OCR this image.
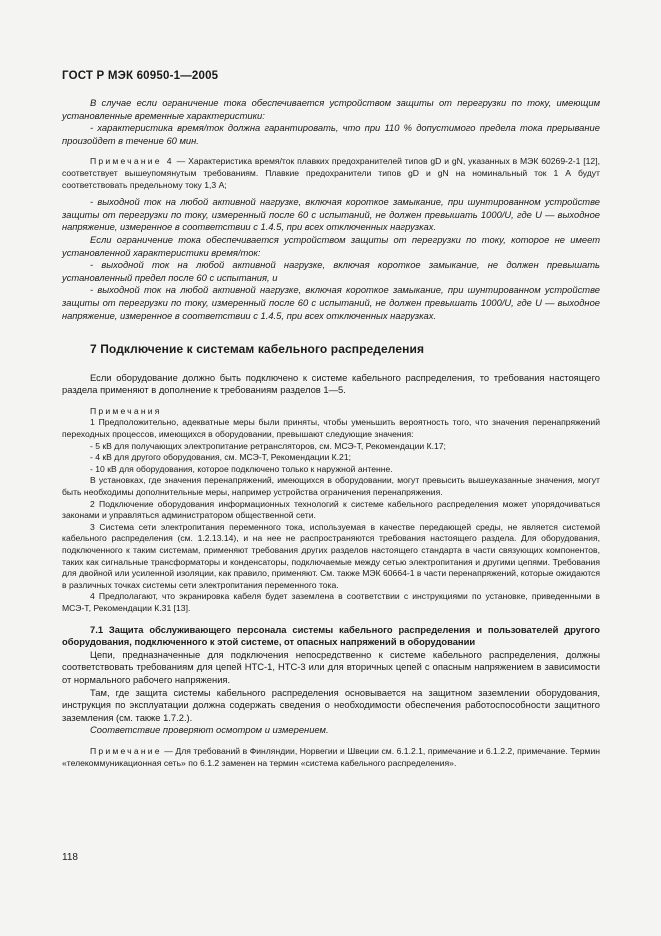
ГОСТ Р МЭК 60950-1—2005

В случае если ограничение тока обеспечивается устройством защиты от перегрузки по току, имеющим установленные временные характеристики:

- характеристика время/ток должна гарантировать, что при 110 % допустимого предела тока прерывание произойдет в течение 60 мин.

Примечание 4 — Характеристика время/ток плавких предохранителей типов gD и gN, указанных в МЭК 60269-2-1 [12], соответствует вышеупомянутым требованиям. Плавкие предохранители типов gD и gN на номинальный ток 1 А будут соответствовать предельному току 1,3 А;

- выходной ток на любой активной нагрузке, включая короткое замыкание, при шунтированном устройстве защиты от перегрузки по току, измеренный после 60 с испытаний, не должен превышать 1000/U, где U — выходное напряжение, измеренное в соответствии с 1.4.5, при всех отключенных нагрузках.

Если ограничение тока обеспечивается устройством защиты от перегрузки по току, которое не имеет установленной характеристики время/ток:

- выходной ток на любой активной нагрузке, включая короткое замыкание, не должен превышать установленный предел после 60 с испытания, и

- выходной ток на любой активной нагрузке, включая короткое замыкание, при шунтированном устройстве защиты от перегрузки по току, измеренный после 60 с испытаний, не должен превышать 1000/U, где U — выходное напряжение, измеренное в соответствии с 1.4.5, при всех отключенных нагрузках.

7 Подключение к системам кабельного распределения

Если оборудование должно быть подключено к системе кабельного распределения, то требования настоящего раздела применяют в дополнение к требованиям разделов 1—5.

Примечания

1 Предположительно, адекватные меры были приняты, чтобы уменьшить вероятность того, что значения перенапряжений переходных процессов, имеющихся в оборудовании, превышают следующие значения:

- 5 кВ для получающих электропитание ретрансляторов, см. МСЭ-Т, Рекомендации К.17;

- 4 кВ для другого оборудования, см. МСЭ-Т, Рекомендации К.21;

- 10 кВ для оборудования, которое подключено только к наружной антенне.

В установках, где значения перенапряжений, имеющихся в оборудовании, могут превысить вышеуказанные значения, могут быть необходимы дополнительные меры, например устройства ограничения перенапряжения.

2 Подключение оборудования информационных технологий к системе кабельного распределения может упорядочиваться законами и управляться администратором общественной сети.

3 Система сети электропитания переменного тока, используемая в качестве передающей среды, не является системой кабельного распределения (см. 1.2.13.14), и на нее не распространяются требования настоящего раздела. Для оборудования, подключенного к таким системам, применяют требования других разделов настоящего стандарта в части связующих компонентов, таких как сигнальные трансформаторы и конденсаторы, подключаемые между сетью электропитания и другими цепями. Требования для двойной или усиленной изоляции, как правило, применяют. См. также МЭК 60664-1 в части перенапряжений, которые ожидаются в различных точках системы сети электропитания переменного тока.

4 Предполагают, что экранировка кабеля будет заземлена в соответствии с инструкциями по установке, приведенными в МСЭ-Т, Рекомендации К.31 [13].

7.1 Защита обслуживающего персонала системы кабельного распределения и пользователей другого оборудования, подключенного к этой системе, от опасных напряжений в оборудовании

Цепи, предназначенные для подключения непосредственно к системе кабельного распределения, должны соответствовать требованиям для цепей НТС-1, НТС-3 или для вторичных цепей с опасным напряжением в зависимости от нормального рабочего напряжения.

Там, где защита системы кабельного распределения основывается на защитном заземлении оборудования, инструкция по эксплуатации должна содержать сведения о необходимости обеспечения работоспособности защитного заземления (см. также 1.7.2.).

Соответствие проверяют осмотром и измерением.

Примечание — Для требований в Финляндии, Норвегии и Швеции см. 6.1.2.1, примечание и 6.1.2.2, примечание. Термин «телекоммуникационная сеть» по 6.1.2 заменен на термин «система кабельного распределения».

118
